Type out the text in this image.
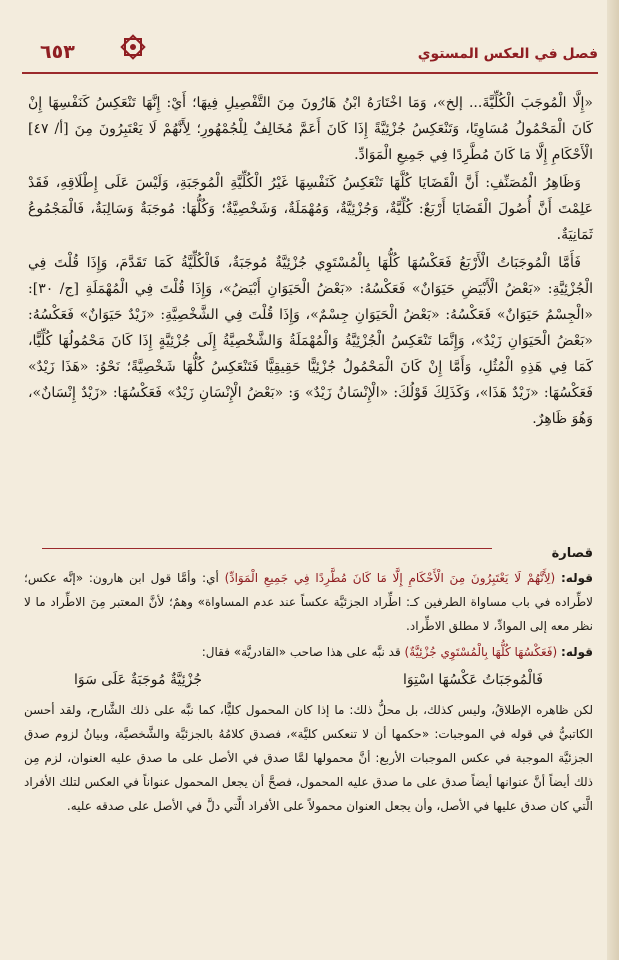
فصل في العكس المستوي
٦٥٣

«إِلَّا الْمُوجَبَ الْكُلِّيَّةَ... إلخ»، وَمَا اخْتَارَهُ ابْنُ هَارُونَ مِنَ التَّفْصِيلِ فِيهَا؛ أَيْ: إِنَّهَا تَنْعَكِسُ كَنَفْسِهَا إِنْ كَانَ الْمَحْمُولُ مُسَاوِيًا، وَتَنْعَكِسُ جُزْئِيَّةً إِذَا كَانَ أَعَمَّ مُخَالِفٌ لِلْجُمْهُورِ؛ لِأَنَّهُمْ لَا يَعْتَبِرُونَ مِنَ [أ/ ٤٧] الْأَحْكَامِ إِلَّا مَا كَانَ مُطَّرِدًا فِي جَمِيعِ الْمَوَادِّ.

وَظَاهِرُ الْمُصَنِّفِ: أَنَّ الْقَضَايَا كُلَّهَا تَنْعَكِسُ كَنَفْسِهَا غَيْرُ الْكُلِّيَّةِ الْمُوجَبَةِ، وَلَيْسَ عَلَى إِطْلَاقِهِ، فَقَدْ عَلِمْتَ أَنَّ أُصُولَ الْقَضَايَا أَرْبَعٌ: كُلِّيَّةٌ، وَجُزْئِيَّةٌ، وَمُهْمَلَةٌ، وَشَخْصِيَّةٌ؛ وَكُلُّهَا: مُوجَبَةٌ وَسَالِبَةٌ، فَالْمَجْمُوعُ ثَمَانِيَةٌ.

فَأَمَّا الْمُوجَبَاتُ الْأَرْبَعُ فَعَكْسُهَا كُلُّهَا بِالْمُسْتَوِي جُزْئِيَّةٌ مُوجَبَةٌ، فَالْكُلِّيَّةُ كَمَا تَقَدَّمَ، وَإِذَا قُلْتَ فِي الْجُزْئِيَّةِ: «بَعْضُ الْأَبْيَضِ حَيَوَانٌ» فَعَكْسُهُ: «بَعْضُ الْحَيَوَانِ أَبْيَضُ»، وَإِذَا قُلْتَ فِي الْمُهْمَلَةِ [ج/ ٣٠]: «الْجِسْمُ حَيَوَانٌ» فَعَكْسُهُ: «بَعْضُ الْحَيَوَانِ جِسْمٌ»، وَإِذَا قُلْتَ فِي الشَّخْصِيَّةِ: «زَيْدٌ حَيَوَانٌ» فَعَكْسُهُ: «بَعْضُ الْحَيَوَانِ زَيْدٌ»، وَإِنَّمَا تَنْعَكِسُ الْجُزْئِيَّةُ وَالْمُهْمَلَةُ وَالشَّخْصِيَّةُ إِلَى جُزْئِيَّةٍ إِذَا كَانَ مَحْمُولُهَا كُلِّيًّا، كَمَا فِي هَذِهِ الْمُثُلِ، وَأَمَّا إِنْ كَانَ الْمَحْمُولُ جُزْئِيًّا حَقِيقِيًّا فَتَنْعَكِسُ كُلُّهَا شَخْصِيَّةً؛ نَحْوُ: «هَذَا زَيْدٌ» فَعَكْسُهَا: «زَيْدٌ هَذَا»، وَكَذَلِكَ قَوْلُكَ: «الْإِنْسَانُ زَيْدٌ» وَ: «بَعْضُ الْإِنْسَانِ زَيْدٌ» فَعَكْسُهَا: «زَيْدٌ إِنْسَانٌ»، وَهُوَ ظَاهِرٌ.

قصارة

قوله: (لِأَنَّهُمْ لَا يَعْتَبِرُونَ مِنَ الْأَحْكَامِ إِلَّا مَا كَانَ مُطَّرِدًا فِي جَمِيعِ الْمَوَادِّ) أي: وأمَّا قول ابن هارون: «إنَّه عكس؛ لاطِّراده في باب مساواة الطرفين كـ: اطِّراد الجزئيَّة عكساً عند عدم المساواة» وهمٌ؛ لأنَّ المعتبر مِنَ الاطِّراد ما لا نظر معه إلى الموادِّ، لا مطلق الاطِّراد.

قوله: (فَعَكْسُهَا كُلُّهَا بِالْمُسْتَوِي جُزْئِيَّةٌ) قد نبَّه على هذا صاحب «القادريَّة» فقال:

فَالْمُوجَبَاتُ عَكْسُهَا اسْتِوَا
جُزْئِيَّةٌ مُوجَبَةٌ عَلَى سَوَا

لكن ظاهره الإطلاقُ، وليس كذلك، بل محلُّ ذلك: ما إذا كان المحمول كليًّا، كما نبَّه على ذلك الشَّارح، ولقد أحسن الكاتبيُّ في قوله في الموجبات: «حكمها أن لا تنعكس كليَّة»، فصدق كلامُهُ بالجزئيَّة والشَّخصيَّة، وبيانُ لزوم صدق الجزئيَّة الموجبة في عكس الموجبات الأربع: أنَّ محمولها لمَّا صدق في الأصل على ما صدق عليه العنوان، لزم مِن ذلك أيضاً أنَّ عنوانها أيضاً صدق على ما صدق عليه المحمول، فصحَّ أن يجعل المحمول عنواناً في العكس لتلك الأفراد الَّتي كان صدق عليها في الأصل، وأن يجعل العنوان محمولاً على الأفراد الَّتي دلَّ في الأصل على صدقه عليه.
